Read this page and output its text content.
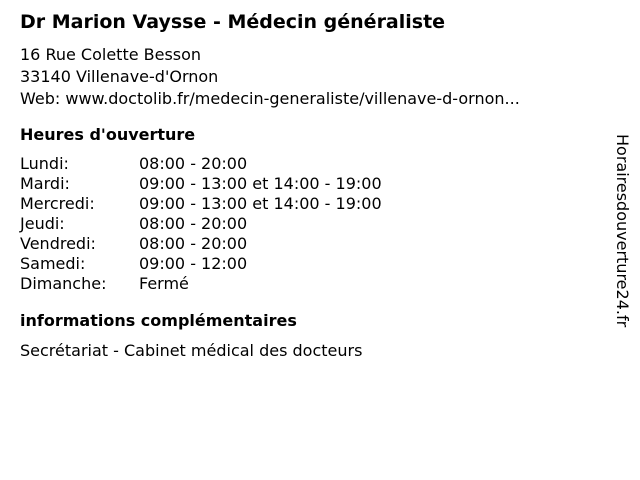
Dr Marion Vaysse - Médecin généraliste
16 Rue Colette Besson
33140 Villenave-d'Ornon
Web: www.doctolib.fr/medecin-generaliste/villenave-d-ornon...
Heures d'ouverture
Lundi:	08:00 - 20:00
Mardi:	09:00 - 13:00 et 14:00 - 19:00
Mercredi:	09:00 - 13:00 et 14:00 - 19:00
Jeudi:	08:00 - 20:00
Vendredi:	08:00 - 20:00
Samedi:	09:00 - 12:00
Dimanche:	Fermé
informations complémentaires
Secrétariat - Cabinet médical des docteurs
Horairesdouverture24.fr
